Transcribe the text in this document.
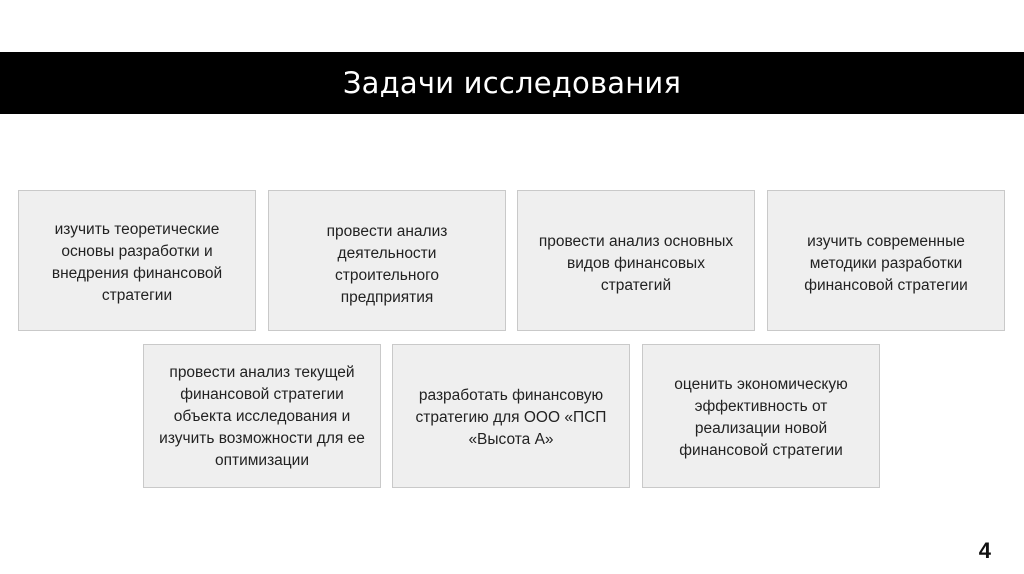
Задачи исследования
изучить теоретические основы разработки и внедрения финансовой стратегии
провести анализ деятельности строительного предприятия
провести анализ основных видов финансовых стратегий
изучить современные методики разработки финансовой стратегии
провести анализ текущей финансовой стратегии объекта исследования и изучить возможности для ее оптимизации
разработать финансовую стратегию для ООО «ПСП «Высота А»
оценить экономическую эффективность от реализации новой финансовой стратегии
4
